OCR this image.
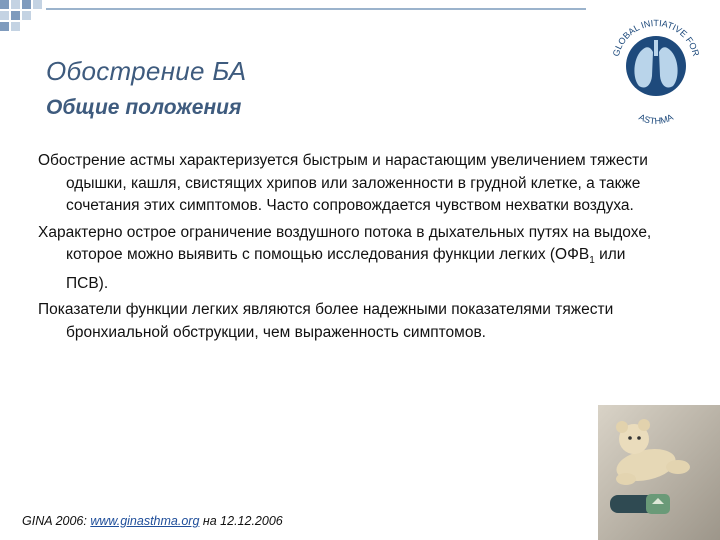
GLOBAL INITIATIVE FOR
ASTHMA
Обострение БА
Общие положения

Обострение астмы характеризуется быстрым и нарастающим увеличением тяжести одышки, кашля, свистящих хрипов или заложенности в грудной клетке, а также сочетания этих симптомов. Часто сопровождается чувством нехватки воздуха.

Характерно острое ограничение воздушного потока в дыхательных путях на выдохе, которое можно выявить с помощью исследования функции легких ($ОФВ_1$ или ПСВ).

Показатели функции легких являются более надежными показателями тяжести бронхиальной обструкции, чем выраженность симптомов.

GINA 2006: www.ginasthma.org на 12.12.2006
